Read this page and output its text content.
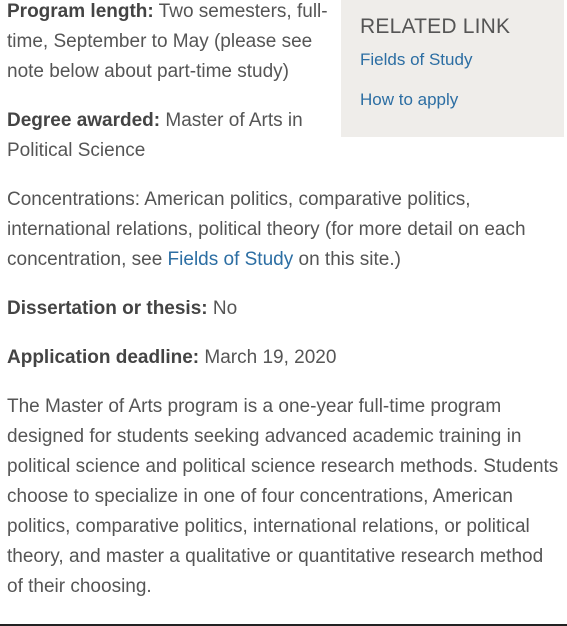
Program length: Two semesters, full-time, September to May (please see note below about part-time study)

Degree awarded: Master of Arts in Political Science

Concentrations: American politics, comparative politics, international relations, political theory (for more detail on each concentration, see Fields of Study on this site.)

Dissertation or thesis: No

Application deadline: March 19, 2020

The Master of Arts program is a one-year full-time program designed for students seeking advanced academic training in political science and political science research methods. Students choose to specialize in one of four concentrations, American politics, comparative politics, international relations, or political theory, and master a qualitative or quantitative research method of their choosing.

RELATED LINK
Fields of Study
How to apply
